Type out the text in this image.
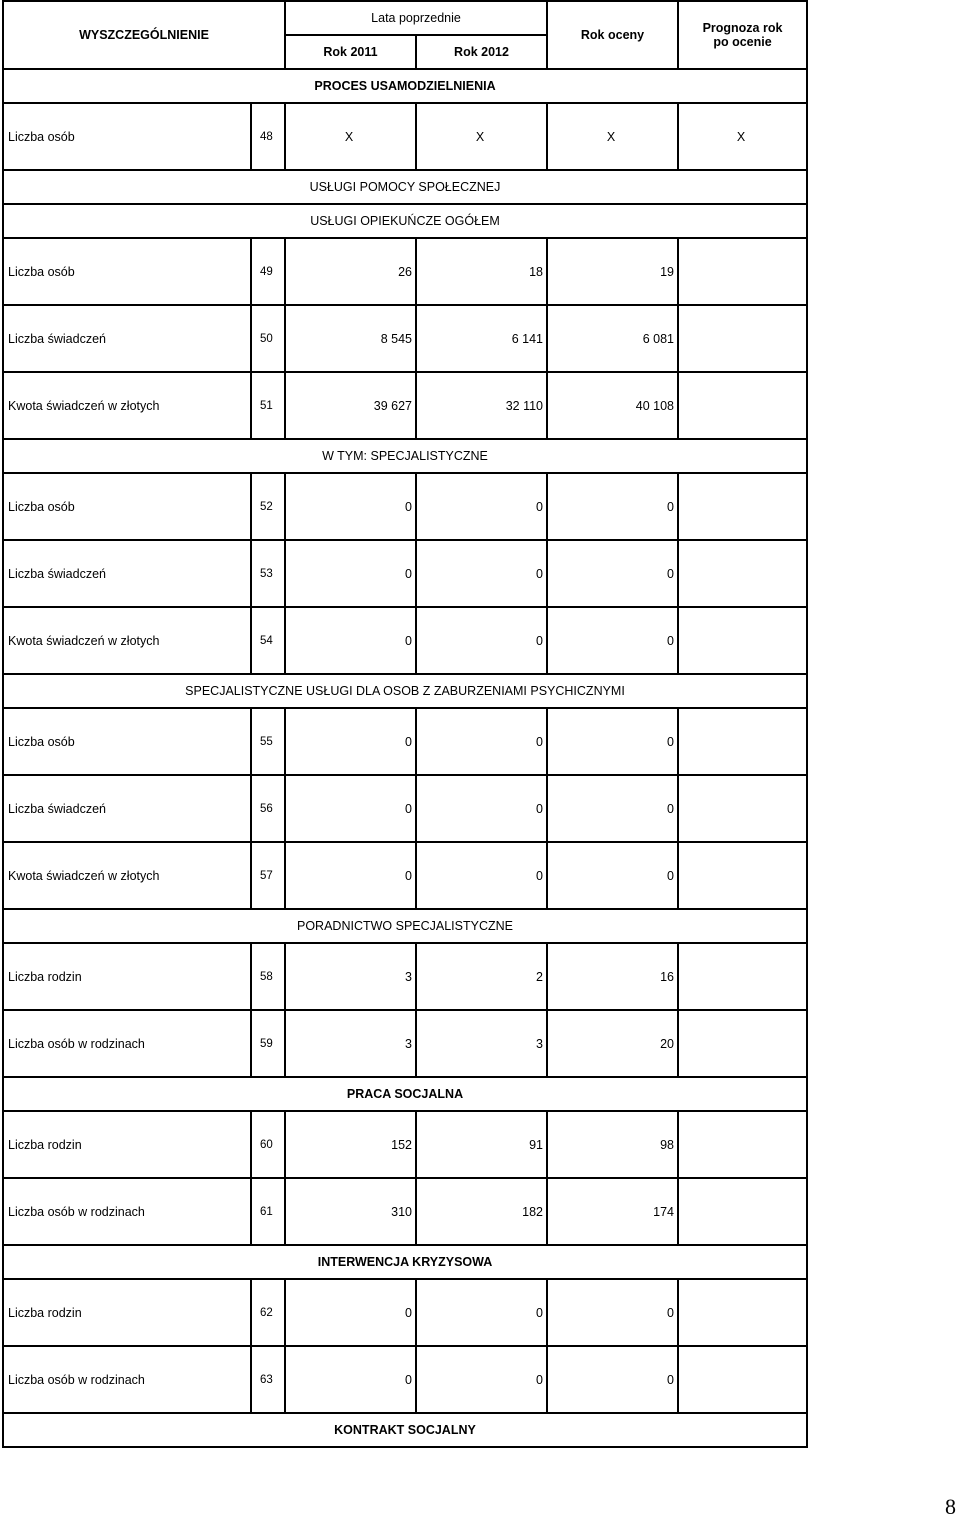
WYSZCZEGÓLNIENIE		Lata poprzednie		Rok oceny	Prognoza rok
po ocenie
		Rok 2011	Rok 2012		
PROCES USAMODZIELNIENIA					
Liczba osób	48	X	X	X	X
USŁUGI POMOCY SPOŁECZNEJ					
USŁUGI OPIEKUŃCZE OGÓŁEM					
Liczba osób	49	26	18	19	
Liczba świadczeń	50	8 545	6 141	6 081	
Kwota świadczeń w złotych	51	39 627	32 110	40 108	
W TYM: SPECJALISTYCZNE					
Liczba osób	52	0	0	0	
Liczba świadczeń	53	0	0	0	
Kwota świadczeń w złotych	54	0	0	0	
SPECJALISTYCZNE USŁUGI DLA OSOB Z ZABURZENIAMI PSYCHICZNYMI					
Liczba osób	55	0	0	0	
Liczba świadczeń	56	0	0	0	
Kwota świadczeń w złotych	57	0	0	0	
PORADNICTWO SPECJALISTYCZNE					
Liczba rodzin	58	3	2	16	
Liczba osób w rodzinach	59	3	3	20	
PRACA SOCJALNA					
Liczba rodzin	60	152	91	98	
Liczba osób w rodzinach	61	310	182	174	
INTERWENCJA KRYZYSOWA					
Liczba rodzin	62	0	0	0	
Liczba osób w rodzinach	63	0	0	0	
KONTRAKT SOCJALNY					
8
